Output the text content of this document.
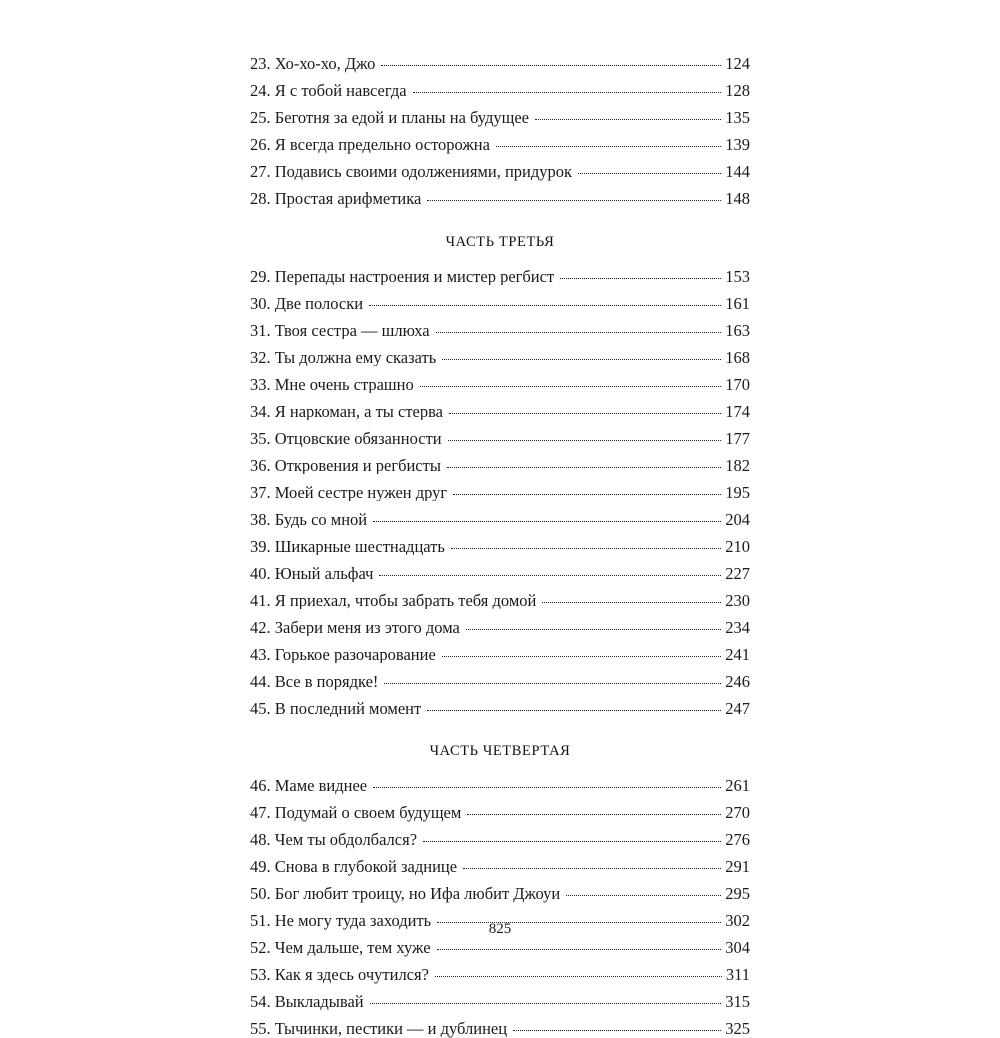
23. Хо-хо-хо, Джо	124
24. Я с тобой навсегда	128
25. Беготня за едой и планы на будущее	135
26. Я всегда предельно осторожна	139
27. Подавись своими одолжениями, придурок	144
28. Простая арифметика	148
ЧАСТЬ ТРЕТЬЯ
29. Перепады настроения и мистер регбист	153
30. Две полоски	161
31. Твоя сестра — шлюха	163
32. Ты должна ему сказать	168
33. Мне очень страшно	170
34. Я наркоман, а ты стерва	174
35. Отцовские обязанности	177
36. Откровения и регбисты	182
37. Моей сестре нужен друг	195
38. Будь со мной	204
39. Шикарные шестнадцать	210
40. Юный альфач	227
41. Я приехал, чтобы забрать тебя домой	230
42. Забери меня из этого дома	234
43. Горькое разочарование	241
44. Все в порядке!	246
45. В последний момент	247
ЧАСТЬ ЧЕТВЕРТАЯ
46. Маме виднее	261
47. Подумай о своем будущем	270
48. Чем ты обдолбался?	276
49. Снова в глубокой заднице	291
50. Бог любит троицу, но Ифа любит Джоуи	295
51. Не могу туда заходить	302
52. Чем дальше, тем хуже	304
53. Как я здесь очутился?	311
54. Выкладывай	315
55. Тычинки, пестики — и дублинец	325
825
